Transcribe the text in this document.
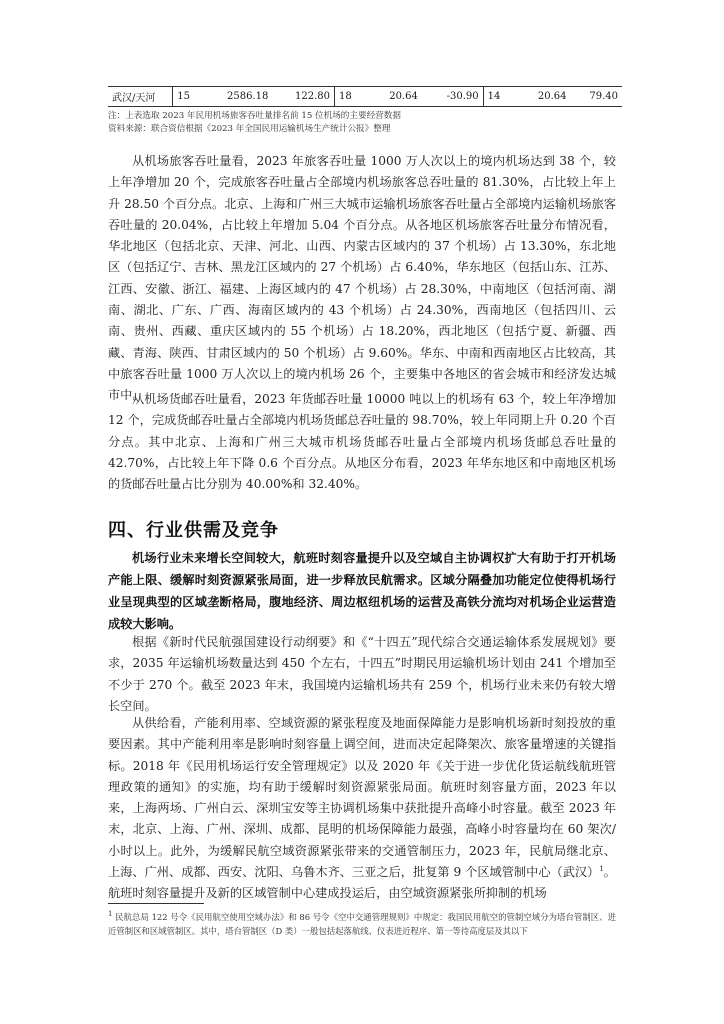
武汉/天河	15	2586.18	122.80	18	20.64	-30.90	14	20.64	79.40
注：上表选取 2023 年民用机场旅客吞吐量排名前 15 位机场的主要经营数据
资料来源：联合资信根据《2023 年全国民用运输机场生产统计公报》整理

从机场旅客吞吐量看，2023 年旅客吞吐量 1000 万人次以上的境内机场达到 38 个，较上年净增加 20 个，完成旅客吞吐量占全部境内机场旅客总吞吐量的 81.30%，占比较上年上升 28.50 个百分点。北京、上海和广州三大城市运输机场旅客吞吐量占全部境内运输机场旅客吞吐量的 20.04%，占比较上年增加 5.04 个百分点。从各地区机场旅客吞吐量分布情况看，华北地区（包括北京、天津、河北、山西、内蒙古区域内的 37 个机场）占 13.30%，东北地区（包括辽宁、吉林、黑龙江区域内的 27 个机场）占 6.40%，华东地区（包括山东、江苏、江西、安徽、浙江、福建、上海区域内的 47 个机场）占 28.30%，中南地区（包括河南、湖南、湖北、广东、广西、海南区域内的 43 个机场）占 24.30%，西南地区（包括四川、云南、贵州、西藏、重庆区域内的 55 个机场）占 18.20%，西北地区（包括宁夏、新疆、西藏、青海、陕西、甘肃区域内的 50 个机场）占 9.60%。华东、中南和西南地区占比较高，其中旅客吞吐量 1000 万人次以上的境内机场 26 个，主要集中各地区的省会城市和经济发达城市中。

从机场货邮吞吐量看，2023 年货邮吞吐量 10000 吨以上的机场有 63 个，较上年净增加 12 个，完成货邮吞吐量占全部境内机场货邮总吞吐量的 98.70%，较上年同期上升 0.20 个百分点。其中北京、上海和广州三大城市机场货邮吞吐量占全部境内机场货邮总吞吐量的 42.70%，占比较上年下降 0.6 个百分点。从地区分布看，2023 年华东地区和中南地区机场的货邮吞吐量占比分别为 40.00%和 32.40%。

四、行业供需及竞争

机场行业未来增长空间较大，航班时刻容量提升以及空域自主协调权扩大有助于打开机场产能上限、缓解时刻资源紧张局面，进一步释放民航需求。区域分隔叠加功能定位使得机场行业呈现典型的区域垄断格局，腹地经济、周边枢纽机场的运营及高铁分流均对机场企业运营造成较大影响。

根据《新时代民航强国建设行动纲要》和《“十四五”现代综合交通运输体系发展规划》要求，2035 年运输机场数量达到 450 个左右，十四五”时期民用运输机场计划由 241 个增加至不少于 270 个。截至 2023 年末，我国境内运输机场共有 259 个，机场行业未来仍有较大增长空间。

从供给看，产能利用率、空域资源的紧张程度及地面保障能力是影响机场新时刻投放的重要因素。其中产能利用率是影响时刻容量上调空间，进而决定起降架次、旅客量增速的关键指标。2018 年《民用机场运行安全管理规定》以及 2020 年《关于进一步优化货运航线航班管理政策的通知》的实施，均有助于缓解时刻资源紧张局面。航班时刻容量方面，2023 年以来，上海两场、广州白云、深圳宝安等主协调机场集中获批提升高峰小时容量。截至 2023 年末，北京、上海、广州、深圳、成都、昆明的机场保障能力最强，高峰小时容量均在 60 架次/小时以上。此外，为缓解民航空域资源紧张带来的交通管制压力，2023 年，民航局继北京、上海、广州、成都、西安、沈阳、乌鲁木齐、三亚之后，批复第 9 个区域管制中心（武汉）$^1$。航班时刻容量提升及新的区域管制中心建成投运后，由空域资源紧张所抑制的机场

$^1$ 民航总局 122 号令《民用航空使用空域办法》和 86 号令《空中交通管理规则》中规定：我国民用航空的管制空域分为塔台管制区、进近管制区和区域管制区。其中，塔台管制区（D 类）一般包括起落航线、仪表进近程序、第一等待高度层及其以下
